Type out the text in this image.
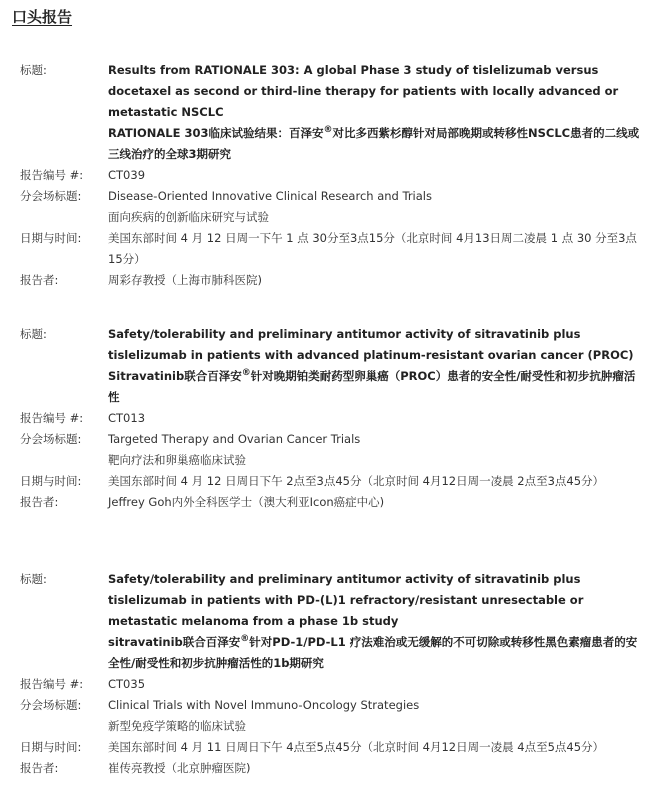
口头报告
标题:	Results from RATIONALE 303: A global Phase 3 study of tislelizumab versus docetaxel as second or third-line therapy for patients with locally advanced or metastatic NSCLC
RATIONALE 303临床试验结果：百泽安®对比多西紫杉醇针对局部晚期或转移性NSCLC患者的二线或三线治疗的全球3期研究
报告编号 #:	CT039
分会场标题:	Disease-Oriented Innovative Clinical Research and Trials
面向疾病的创新临床研究与试验
日期与时间:	美国东部时间 4 月 12 日周一下午 1 点 30分至3点15分（北京时间 4月13日周二凌晨 1 点 30 分至3点 15分）
报告者:	周彩存教授（上海市肺科医院)
标题:	Safety/tolerability and preliminary antitumor activity of sitravatinib plus tislelizumab in patients with advanced platinum-resistant ovarian cancer (PROC)
Sitravatinib联合百泽安®针对晚期铂类耐药型卵巢癌（PROC）患者的安全性/耐受性和初步抗肿瘤活性
报告编号 #:	CT013
分会场标题:	Targeted Therapy and Ovarian Cancer Trials
靶向疗法和卵巢癌临床试验
日期与时间:	美国东部时间 4 月 12 日周日下午 2点至3点45分（北京时间 4月12日周一凌晨 2点至3点45分）
报告者:	Jeffrey Goh内外全科医学士（澳大利亚Icon癌症中心)
标题:	Safety/tolerability and preliminary antitumor activity of sitravatinib plus tislelizumab in patients with PD-(L)1 refractory/resistant unresectable or metastatic melanoma from a phase 1b study
sitravatinib联合百泽安®针对PD-1/PD-L1 疗法难治或无缓解的不可切除或转移性黑色素瘤患者的安全性/耐受性和初步抗肿瘤活性的1b期研究
报告编号 #:	CT035
分会场标题:	Clinical Trials with Novel Immuno-Oncology Strategies
新型免疫学策略的临床试验
日期与时间:	美国东部时间 4 月 11 日周日下午 4点至5点45分（北京时间 4月12日周一凌晨 4点至5点45分）
报告者:	崔传亮教授（北京肿瘤医院)
